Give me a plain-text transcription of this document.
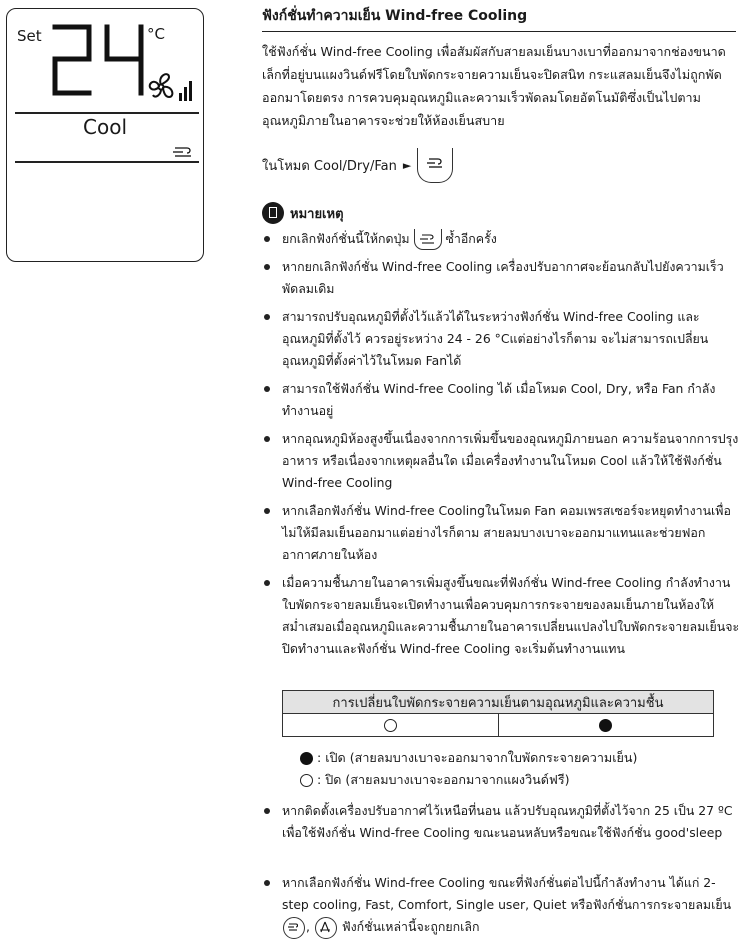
Set	°C
Cool
ฟังก์ชั่นทำความเย็น Wind-free Cooling
ใช้ฟังก์ชั่น Wind-free Cooling เพื่อสัมผัสกับสายลมเย็นบางเบาที่ออกมาจากช่องขนาดเล็กที่อยู่บนแผงวินด์ฟรีโดยใบพัดกระจายความเย็นจะปิดสนิท กระแสลมเย็นจึงไม่ถูกพัดออกมาโดยตรง การควบคุมอุณหภูมิและความเร็วพัดลมโดยอัตโนมัติซึ่งเป็นไปตามอุณหภูมิภายในอาคารจะช่วยให้ห้องเย็นสบาย
ในโหมด Cool/Dry/Fan ►
หมายเหตุ
ยกเลิกฟังก์ชั่นนี้ให้กดปุ่ม	ซ้ำอีกครั้ง
หากยกเลิกฟังก์ชั่น Wind-free Cooling เครื่องปรับอากาศจะย้อนกลับไปยังความเร็วพัดลมเดิม
สามารถปรับอุณหภูมิที่ตั้งไว้แล้วได้ในระหว่างฟังก์ชั่น Wind-free Cooling และอุณหภูมิที่ตั้งไว้ ควรอยู่ระหว่าง 24 - 26 °Cแต่อย่างไรก็ตาม จะไม่สามารถเปลี่ยนอุณหภูมิที่ตั้งค่าไว้ในโหมด Fanได้
สามารถใช้ฟังก์ชั่น Wind-free Cooling ได้ เมื่อโหมด Cool, Dry, หรือ Fan กำลังทำงานอยู่
หากอุณหภูมิห้องสูงขึ้นเนื่องจากการเพิ่มขึ้นของอุณหภูมิภายนอก ความร้อนจากการปรุงอาหาร หรือเนื่องจากเหตุผลอื่นใด เมื่อเครื่องทำงานในโหมด Cool แล้วให้ใช้ฟังก์ชั่น Wind-free Cooling
หากเลือกฟังก์ชั่น Wind-free Coolingในโหมด Fan คอมเพรสเซอร์จะหยุดทำงานเพื่อไม่ให้มีลมเย็นออกมาแต่อย่างไรก็ตาม สายลมบางเบาจะออกมาแทนและช่วยฟอกอากาศภายในห้อง
เมื่อความชื้นภายในอาคารเพิ่มสูงขึ้นขณะที่ฟังก์ชั่น Wind-free Cooling กำลังทำงานใบพัดกระจายลมเย็นจะเปิดทำงานเพื่อควบคุมการกระจายของลมเย็นภายในห้องให้สม่ำเสมอเมื่ออุณหภูมิและความชื้นภายในอาคารเปลี่ยนแปลงไปใบพัดกระจายลมเย็นจะปิดทำงานและฟังก์ชั่น Wind-free Cooling จะเริ่มต้นทำงานแทน
การเปลี่ยนใบพัดกระจายความเย็นตามอุณหภูมิและความชื้น

: เปิด (สายลมบางเบาจะออกมาจากใบพัดกระจายความเย็น)
: ปิด (สายลมบางเบาจะออกมาจากแผงวินด์ฟรี)
หากติดตั้งเครื่องปรับอากาศไว้เหนือที่นอน แล้วปรับอุณหภูมิที่ตั้งไว้จาก 25 เป็น 27 ºC เพื่อใช้ฟังก์ชั่น Wind-free Cooling ขณะนอนหลับหรือขณะใช้ฟังก์ชั่น good'sleep
หากเลือกฟังก์ชั่น Wind-free Cooling ขณะที่ฟังก์ชั่นต่อไปนี้กำลังทำงาน ได้แก่ 2-step cooling, Fast, Comfort, Single user, Quiet หรือฟังก์ชั่นการกระจายลมเย็น
,	ฟังก์ชั่นเหล่านี้จะถูกยกเลิก
